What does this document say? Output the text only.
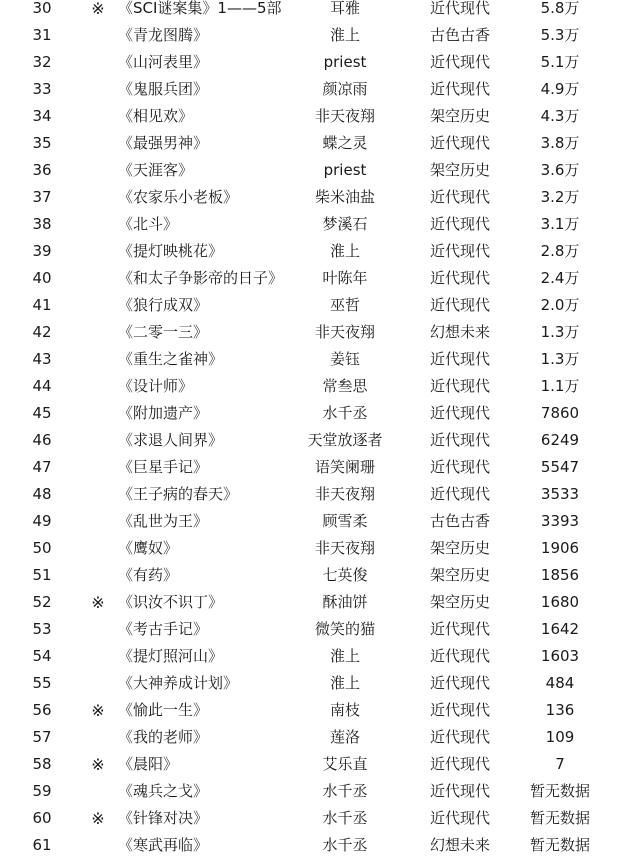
30	※ 《SCI谜案集》1——5部	耳雅	近代现代	5.8万
31	《青龙图腾》	淮上	古色古香	5.3万
32	《山河表里》	priest	近代现代	5.1万
33	《鬼服兵团》	颜凉雨	近代现代	4.9万
34	《相见欢》	非天夜翔	架空历史	4.3万
35	《最强男神》	蝶之灵	近代现代	3.8万
36	《天涯客》	priest	架空历史	3.6万
37	《农家乐小老板》	柴米油盐	近代现代	3.2万
38	《北斗》	梦溪石	近代现代	3.1万
39	《提灯映桃花》	淮上	近代现代	2.8万
40	《和太子争影帝的日子》	叶陈年	近代现代	2.4万
41	《狼行成双》	巫哲	近代现代	2.0万
42	《二零一三》	非天夜翔	幻想未来	1.3万
43	《重生之雀神》	姜钰	近代现代	1.3万
44	《设计师》	常叁思	近代现代	1.1万
45	《附加遗产》	水千丞	近代现代	7860
46	《求退人间界》	天堂放逐者	近代现代	6249
47	《巨星手记》	语笑阑珊	近代现代	5547
48	《王子病的春天》	非天夜翔	近代现代	3533
49	《乱世为王》	顾雪柔	古色古香	3393
50	《鹰奴》	非天夜翔	架空历史	1906
51	《有药》	七英俊	架空历史	1856
52	※ 《识汝不识丁》	酥油饼	架空历史	1680
53	《考古手记》	微笑的猫	近代现代	1642
54	《提灯照河山》	淮上	近代现代	1603
55	《大神养成计划》	淮上	近代现代	484
56	※ 《愉此一生》	南枝	近代现代	136
57	《我的老师》	莲洛	近代现代	109
58	※ 《晨阳》	艾乐直	近代现代	7
59	《魂兵之戈》	水千丞	近代现代	暂无数据
60	※ 《针锋对决》	水千丞	近代现代	暂无数据
61	《寒武再临》	水千丞	幻想未来	暂无数据
